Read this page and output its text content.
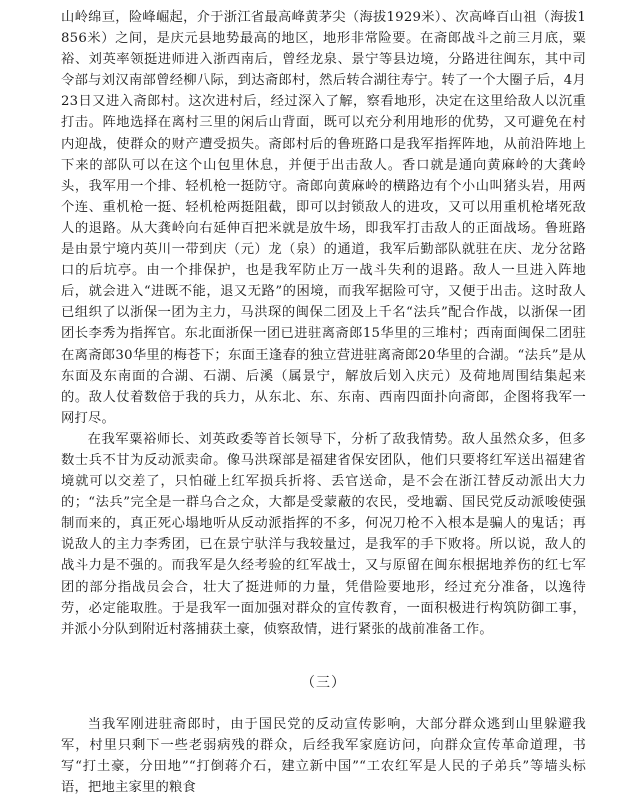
山岭绵亘，险峰崛起，介于浙江省最高峰黄茅尖（海拔1929米）、次高峰百山祖（海拔1856米）之间，是庆元县地势最高的地区，地形非常险要。在斋郎战斗之前三月底，粟裕、刘英率领挺进师进入浙西南后，曾经龙泉、景宁等县边境，分路进往闽东，其中司令部与刘汉南部曾经柳八际，到达斋郎村，然后转合湖往寿宁。转了一个大圈子后，4月23日又进入斋郎村。这次进村后，经过深入了解，察看地形，决定在这里给敌人以沉重打击。阵地选择在离村三里的闲后山背面，既可以充分利用地形的优势，又可避免在村内迎战，使群众的财产遭受损失。斋郎村后的鲁班路口是我军指挥阵地，从前沿阵地上下来的部队可以在这个山包里休息，并便于出击敌人。香口就是通向黄麻岭的大龚岭头，我军用一个排、轻机枪一挺防守。斋郎向黄麻岭的横路边有个小山叫猪头岩，用两个连、重机枪一挺、轻机枪两挺阻截，即可以封锁敌人的进攻，又可以用重机枪堵死敌人的退路。从大龚岭向右延伸百把米就是放牛场，即我军打击敌人的正面战场。鲁班路是由景宁境内英川一带到庆（元）龙（泉）的通道，我军后勤部队就驻在庆、龙分岔路口的后坑亭。由一个排保护，也是我军防止万一战斗失利的退路。敌人一旦进入阵地后，就会进入“进既不能，退又无路”的困境，而我军据险可守，又便于出击。这时敌人已组织了以浙保一团为主力，马洪琛的闽保二团及上千名“法兵”配合作战，以浙保一团团长李秀为指挥官。东北面浙保一团已进驻离斋郎15华里的三堆村；西南面闽保二团驻在离斋郎30华里的梅苍下；东面王逢春的独立营进驻离斋郎20华里的合湖。“法兵”是从东面及东南面的合湖、石湖、后溪（属景宁，解放后划入庆元）及荷地周围结集起来的。敌人仗着数倍于我的兵力，从东北、东、东南、西南四面扑向斋郎，企图将我军一网打尽。

在我军粟裕师长、刘英政委等首长领导下，分析了敌我情势。敌人虽然众多，但多数士兵不甘为反动派卖命。像马洪琛部是福建省保安团队，他们只要将红军送出福建省境就可以交差了，只怕碰上红军损兵折将、丢官送命，是不会在浙江替反动派出大力的；“法兵”完全是一群乌合之众，大都是受蒙蔽的农民，受地霸、国民党反动派唆使强制而来的，真正死心塌地听从反动派指挥的不多，何况刀枪不入根本是骗人的鬼话；再说敌人的主力李秀团，已在景宁驮洋与我较量过，是我军的手下败将。所以说，敌人的战斗力是不强的。而我军是久经考验的红军战士，又与原留在闽东根据地养伤的红七军团的部分指战员会合，壮大了挺进师的力量，凭借险要地形，经过充分准备，以逸待劳，必定能取胜。于是我军一面加强对群众的宣传教育，一面积极进行构筑防御工事，并派小分队到附近村落捕获土豪，侦察敌情，进行紧张的战前准备工作。

（三）

当我军刚进驻斋郎时，由于国民党的反动宣传影响，大部分群众逃到山里躲避我军，村里只剩下一些老弱病残的群众，后经我军家庭访问，向群众宣传革命道理，书写“打土豪，分田地”“打倒蒋介石，建立新中国”“工农红军是人民的子弟兵”等墙头标语，把地主家里的粮食
